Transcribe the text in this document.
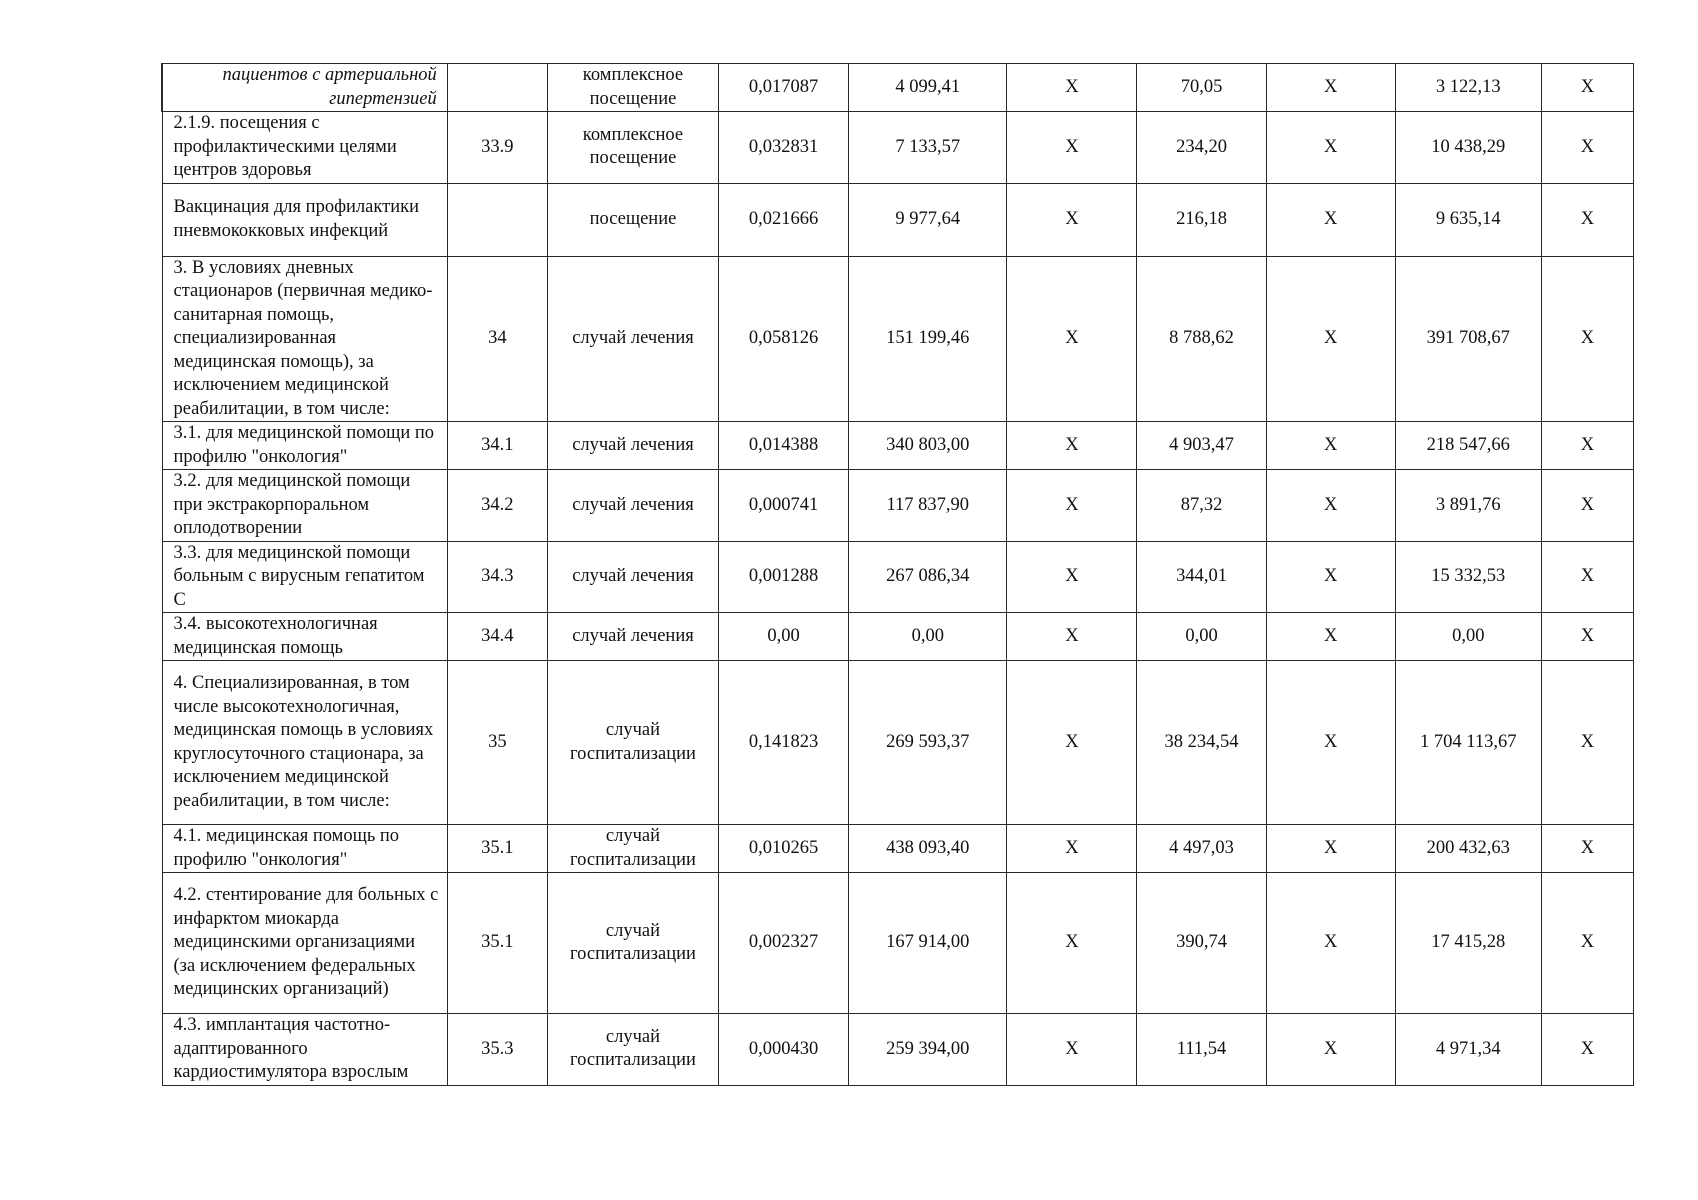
пациентов с артериальной гипертензией		комплексное посещение	0,017087	4 099,41	X	70,05	X	3 122,13	X
2.1.9. посещения с профилактическими целями центров здоровья	33.9	комплексное посещение	0,032831	7 133,57	X	234,20	X	10 438,29	X
Вакцинация для профилактики пневмококковых инфекций		посещение	0,021666	9 977,64	X	216,18	X	9 635,14	X
3. В условиях дневных стационаров (первичная медико-санитарная помощь, специализированная медицинская помощь), за исключением медицинской реабилитации, в том числе:	34	случай лечения	0,058126	151 199,46	X	8 788,62	X	391 708,67	X
3.1. для медицинской помощи по профилю "онкология"	34.1	случай лечения	0,014388	340 803,00	X	4 903,47	X	218 547,66	X
3.2. для медицинской помощи при экстракорпоральном оплодотворении	34.2	случай лечения	0,000741	117 837,90	X	87,32	X	3 891,76	X
3.3. для медицинской помощи больным с вирусным гепатитом С	34.3	случай лечения	0,001288	267 086,34	X	344,01	X	15 332,53	X
3.4. высокотехнологичная медицинская помощь	34.4	случай лечения	0,00	0,00	X	0,00	X	0,00	X
4. Специализированная, в том числе высокотехнологичная, медицинская помощь в условиях круглосуточного стационара, за исключением медицинской реабилитации, в том числе:	35	случай госпитализации	0,141823	269 593,37	X	38 234,54	X	1 704 113,67	X
4.1. медицинская помощь по профилю "онкология"	35.1	случай госпитализации	0,010265	438 093,40	X	4 497,03	X	200 432,63	X
4.2. стентирование для больных с инфарктом миокарда медицинскими организациями (за исключением федеральных медицинских организаций)	35.1	случай госпитализации	0,002327	167 914,00	X	390,74	X	17 415,28	X
4.3. имплантация частотно-адаптированного кардиостимулятора взрослым	35.3	случай госпитализации	0,000430	259 394,00	X	111,54	X	4 971,34	X
